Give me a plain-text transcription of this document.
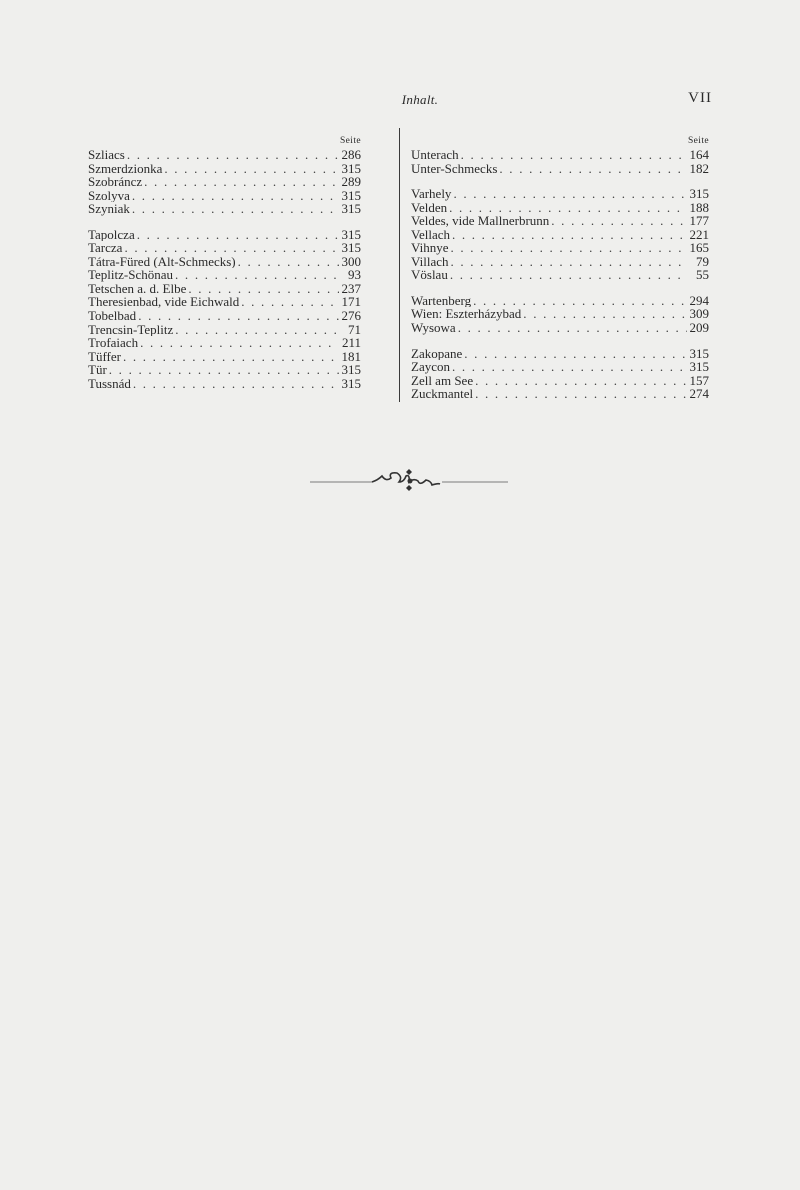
Inhalt.	VII
Seite
Szliacs . . .	286
Szmerdzionka . . .	315
Szobráncz . . .	289
Szolyva . . .	315
Szyniak . . .	315
Tapolcza . . .	315
Tarcza . . .	315
Tátra-Füred (Alt-Schmecks) . . .	300
Teplitz-Schönau . . .	93
Tetschen a. d. Elbe . . .	237
Theresienbad, vide Eichwald . . .	171
Tobelbad . . .	276
Trencsin-Teplitz . . .	71
Trofaiach . . .	211
Tüffer . . .	181
Tür . . .	315
Tussnád . . .	315
Seite
Unterach . . .	164
Unter-Schmecks . . .	182
Varhely . . .	315
Velden . . .	188
Veldes, vide Mallnerbrunn . . .	177
Vellach . . .	221
Vihnye . . .	165
Villach . . .	79
Vöslau . . .	55
Wartenberg . . .	294
Wien: Eszterházybad . . .	309
Wysowa . . .	209
Zakopane . . .	315
Zaycon . . .	315
Zell am See . . .	157
Zuckmantel . . .	274
